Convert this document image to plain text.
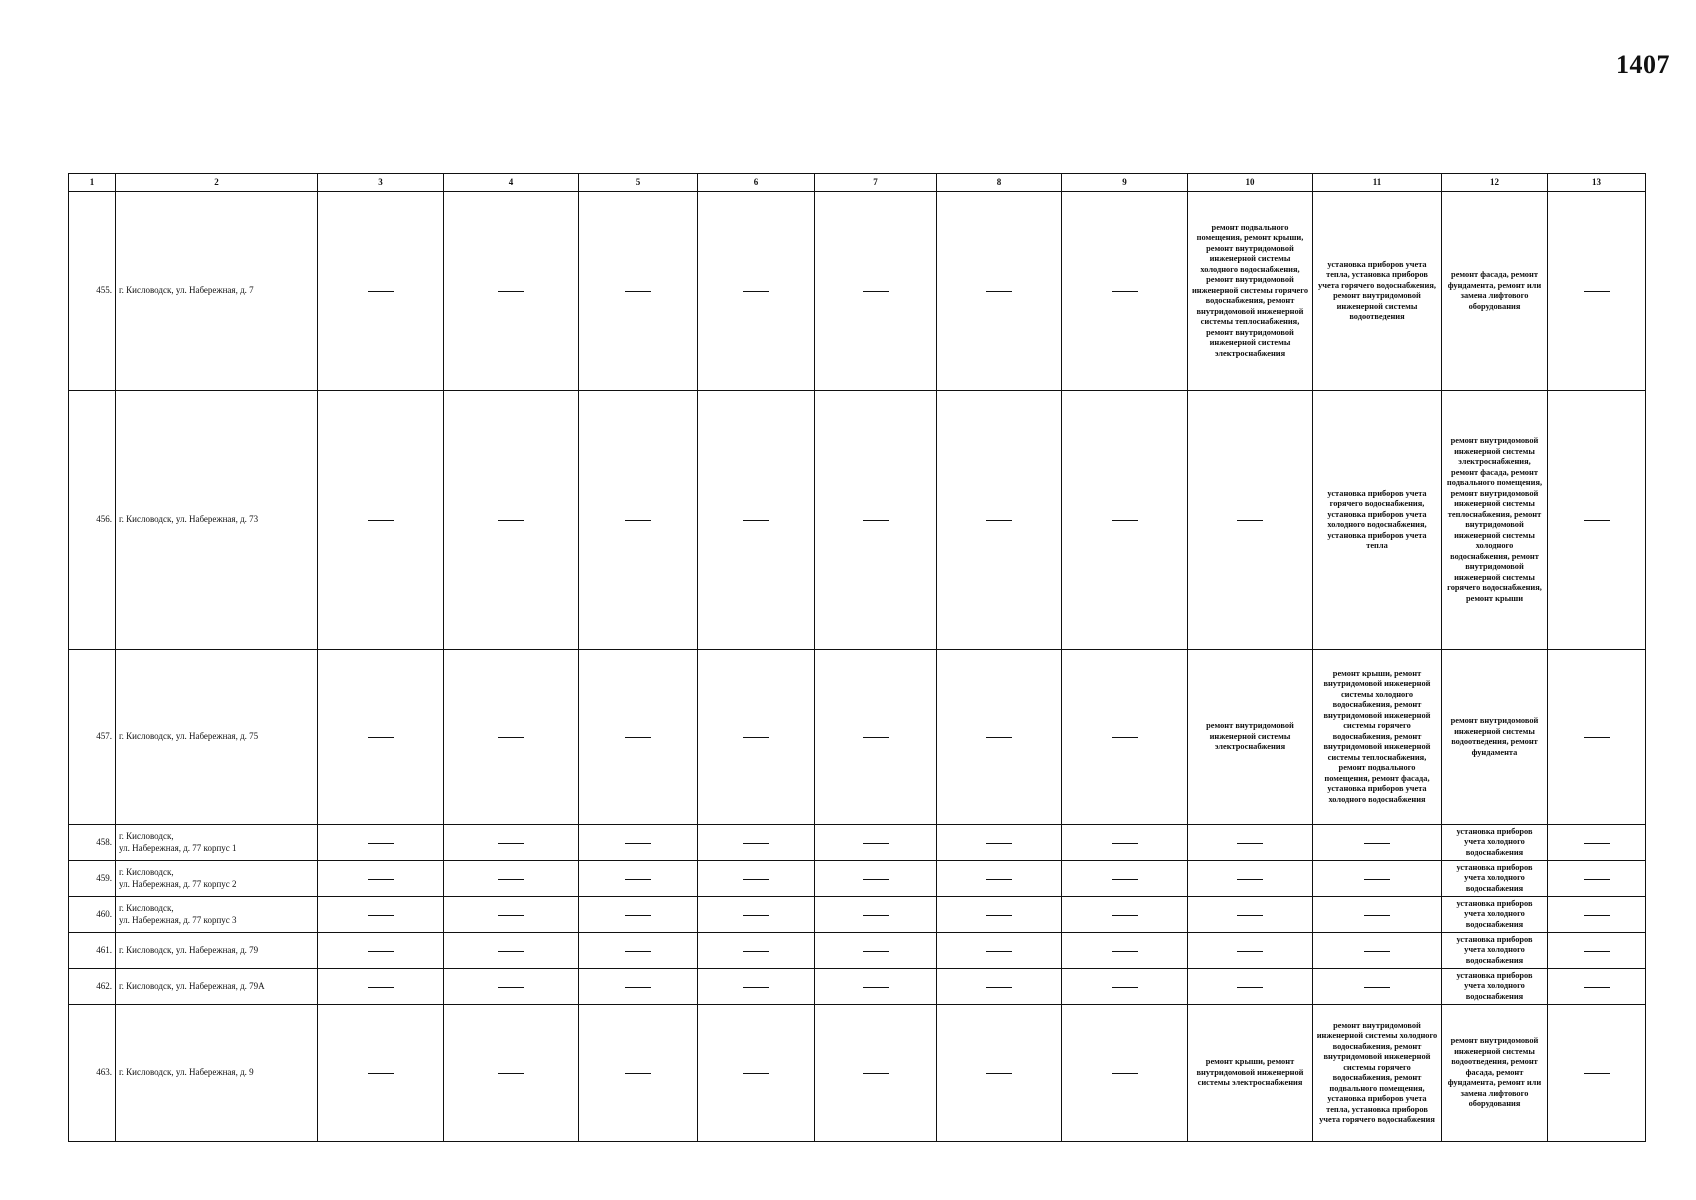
1407
1	2	3	4	5	6	7	8	9	10	11	12	13
455.	г. Кисловодск, ул. Набережная, д. 7								ремонт подвального помещения, ремонт крыши, ремонт внутридомовой инженерной системы холодного водоснабжения, ремонт внутридомовой инженерной системы горячего водоснабжения, ремонт внутридомовой инженерной системы теплоснабжения, ремонт внутридомовой инженерной системы электроснабжения	установка приборов учета тепла, установка приборов учета горячего водоснабжения, ремонт внутридомовой инженерной системы водоотведения	ремонт фасада, ремонт фундамента, ремонт или замена лифтового оборудования	
456.	г. Кисловодск, ул. Набережная, д. 73									установка приборов учета горячего водоснабжения, установка приборов учета холодного водоснабжения, установка приборов учета тепла	ремонт внутридомовой инженерной системы электроснабжения, ремонт фасада, ремонт подвального помещения, ремонт внутридомовой инженерной системы теплоснабжения, ремонт внутридомовой инженерной системы холодного водоснабжения, ремонт внутридомовой инженерной системы горячего водоснабжения, ремонт крыши	
457.	г. Кисловодск, ул. Набережная, д. 75								ремонт внутридомовой инженерной системы электроснабжения	ремонт крыши, ремонт внутридомовой инженерной системы холодного водоснабжения, ремонт внутридомовой инженерной системы горячего водоснабжения, ремонт внутридомовой инженерной системы теплоснабжения, ремонт подвального помещения, ремонт фасада, установка приборов учета холодного водоснабжения	ремонт внутридомовой инженерной системы водоотведения, ремонт фундамента	
458.	г. Кисловодск,
ул. Набережная, д. 77 корпус 1										установка приборов учета холодного водоснабжения	
459.	г. Кисловодск,
ул. Набережная, д. 77 корпус 2										установка приборов учета холодного водоснабжения	
460.	г. Кисловодск,
ул. Набережная, д. 77 корпус 3										установка приборов учета холодного водоснабжения	
461.	г. Кисловодск, ул. Набережная, д. 79										установка приборов учета холодного водоснабжения	
462.	г. Кисловодск, ул. Набережная, д. 79А										установка приборов учета холодного водоснабжения	
463.	г. Кисловодск, ул. Набережная, д. 9								ремонт крыши, ремонт внутридомовой инженерной системы электроснабжения	ремонт внутридомовой инженерной системы холодного водоснабжения, ремонт внутридомовой инженерной системы горячего водоснабжения, ремонт подвального помещения, установка приборов учета тепла, установка приборов учета горячего водоснабжения	ремонт внутридомовой инженерной системы водоотведения, ремонт фасада, ремонт фундамента, ремонт или замена лифтового оборудования	
